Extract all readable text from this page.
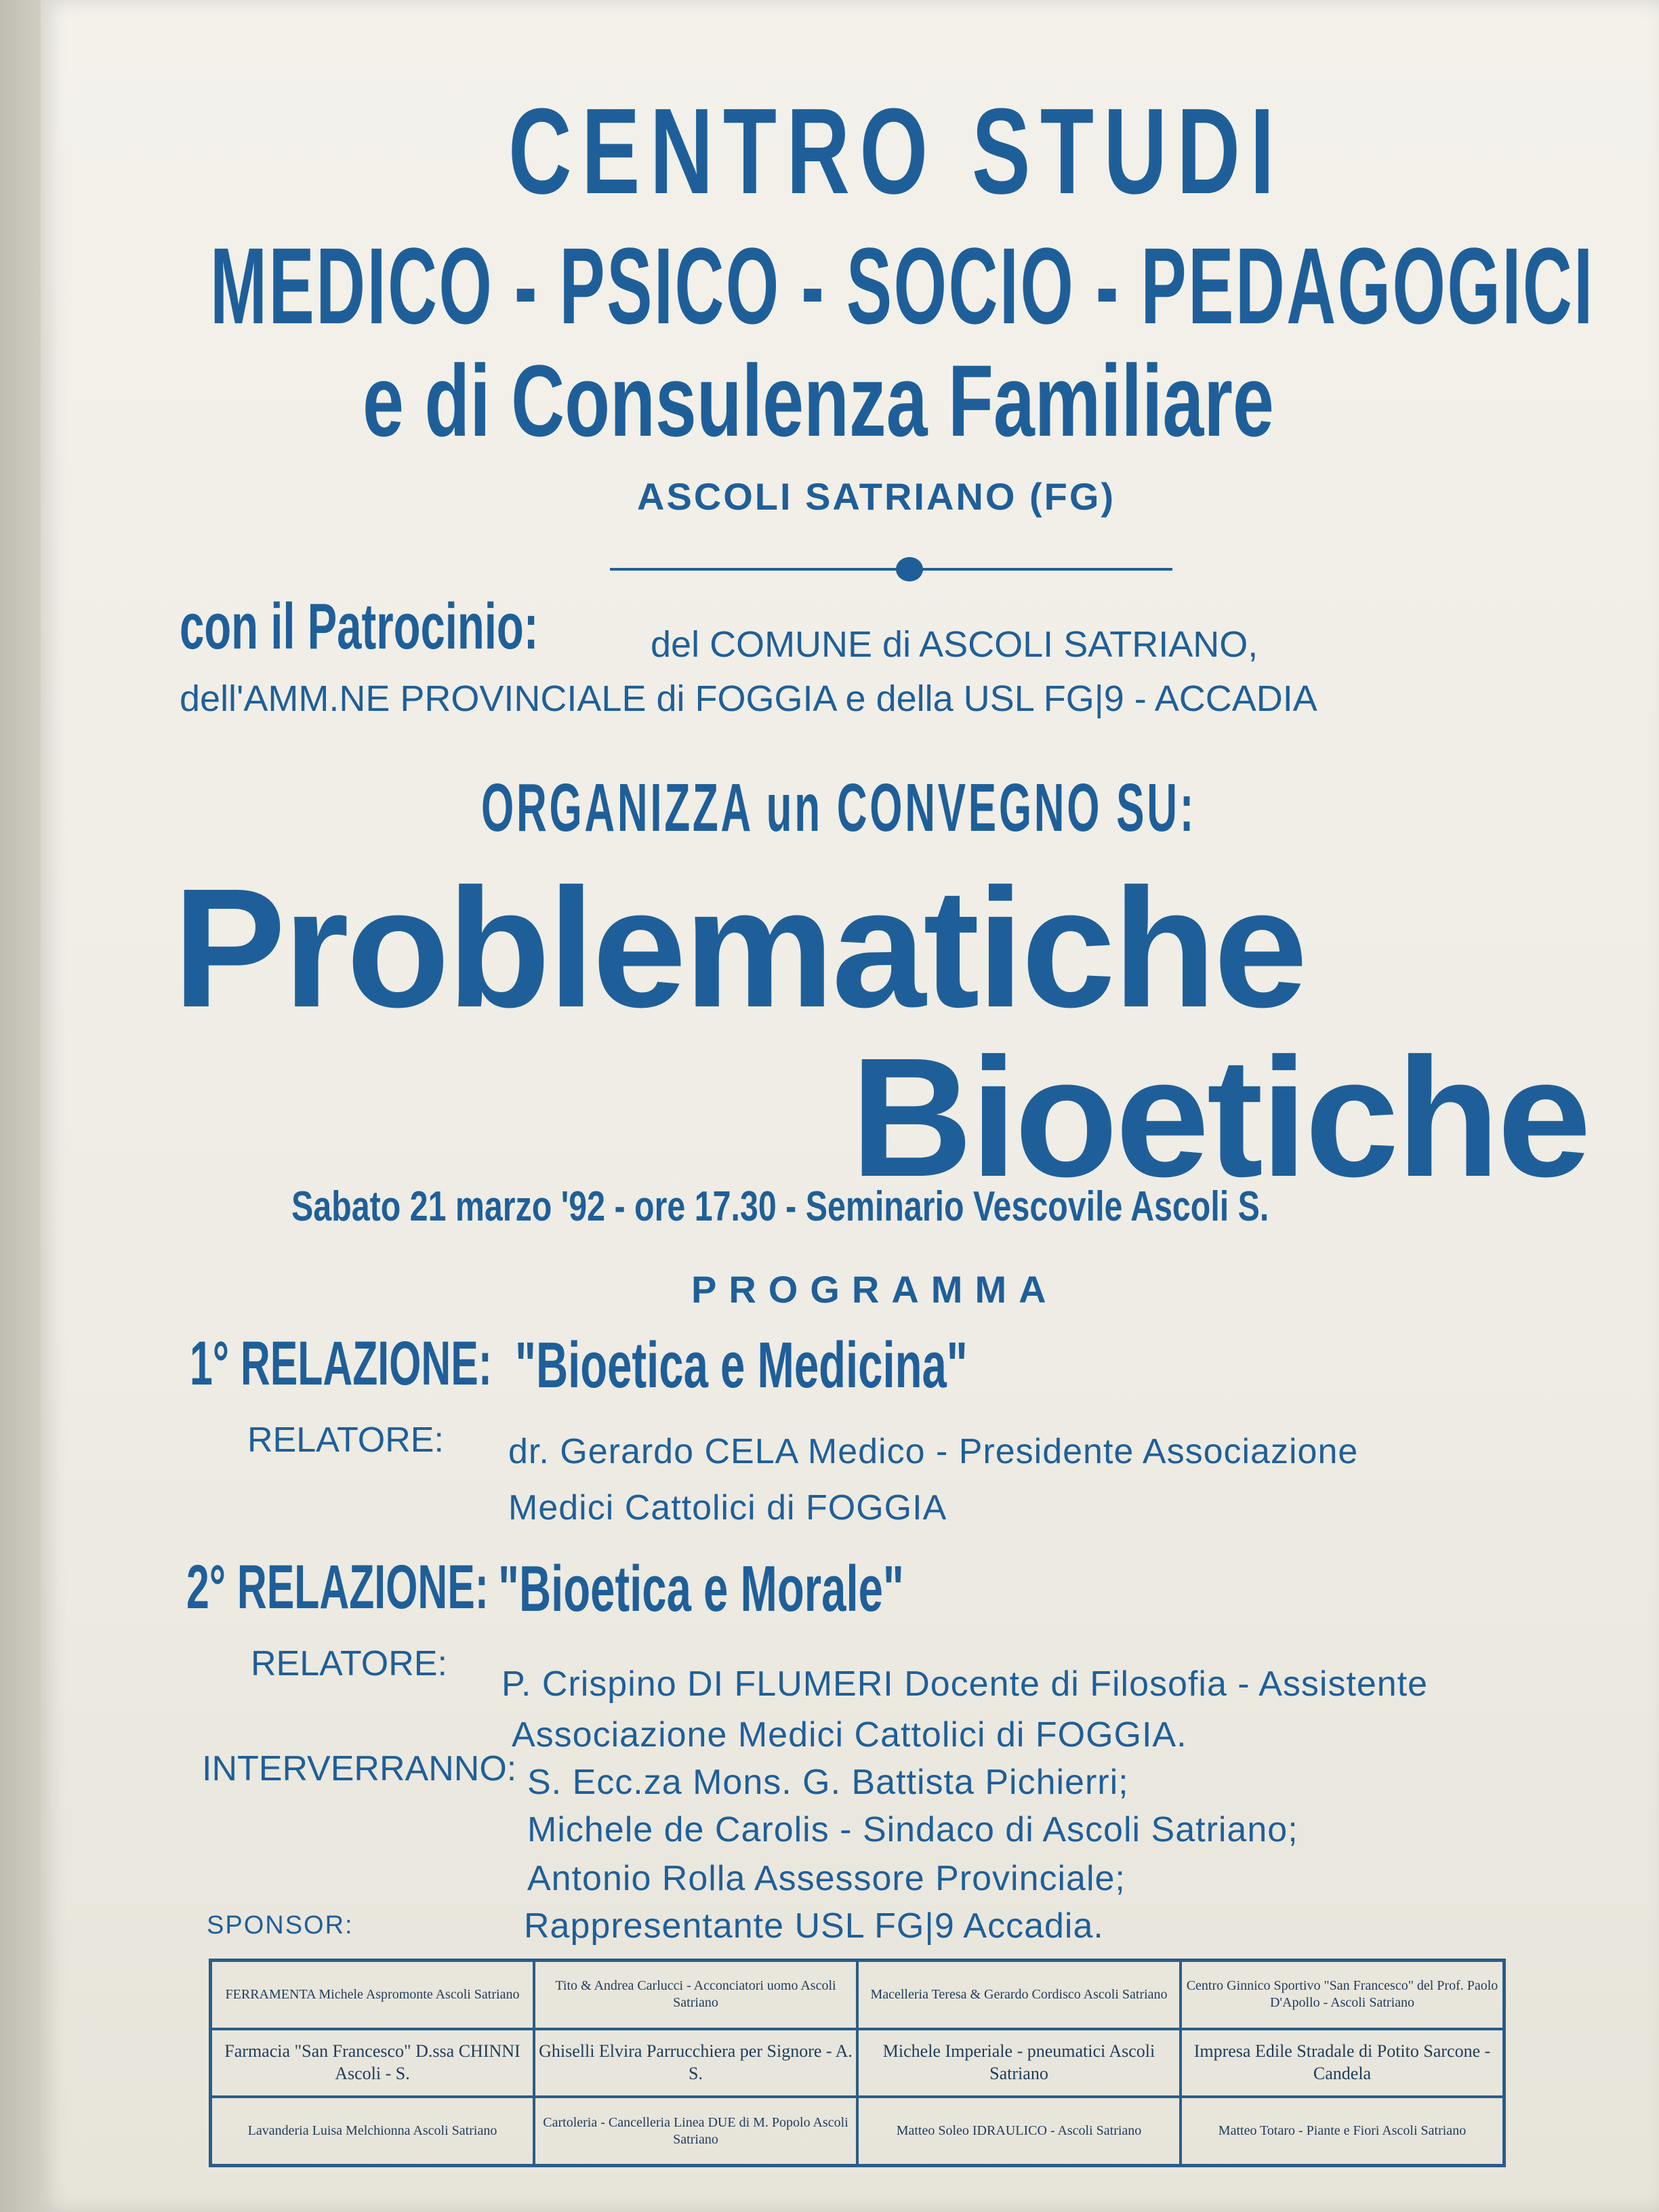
CENTRO STUDI
MEDICO - PSICO - SOCIO - PEDAGOGICI
e di Consulenza Familiare
ASCOLI SATRIANO (FG)
con il Patrocinio:	del COMUNE di ASCOLI SATRIANO,
dell'AMM.NE PROVINCIALE di FOGGIA e della USL FG|9 - ACCADIA
ORGANIZZA un CONVEGNO SU:
Problematiche
Bioetiche
Sabato 21 marzo '92 - ore 17.30 - Seminario Vescovile Ascoli S.
PROGRAMMA
1° RELAZIONE: "Bioetica e Medicina"
RELATORE: dr. Gerardo CELA Medico - Presidente Associazione
Medici Cattolici di FOGGIA
2° RELAZIONE: "Bioetica e Morale"
RELATORE:
P. Crispino DI FLUMERI Docente di Filosofia - Assistente
Associazione Medici Cattolici di FOGGIA.
INTERVERRANNO: S. Ecc.za Mons. G. Battista Pichierri;
Michele de Carolis - Sindaco di Ascoli Satriano;
Antonio Rolla Assessore Provinciale;
Rappresentante USL FG|9 Accadia.
SPONSOR:
FERRAMENTA Michele Aspromonte Ascoli Satriano
Tito & Andrea Carlucci - Acconciatori uomo Ascoli Satriano
Macelleria Teresa & Gerardo Cordisco Ascoli Satriano
Centro Ginnico Sportivo "San Francesco" del Prof. Paolo D'Apollo - Ascoli Satriano
Farmacia "San Francesco" D.ssa CHINNI Ascoli - S.
Ghiselli Elvira Parrucchiera per Signore - A. S.
Michele Imperiale - pneumatici Ascoli Satriano
Impresa Edile Stradale di Potito Sarcone - Candela
Lavanderia Luisa Melchionna Ascoli Satriano
Cartoleria - Cancelleria Linea DUE di M. Popolo Ascoli Satriano
Matteo Soleo IDRAULICO - Ascoli Satriano	Matteo Totaro - Piante e Fiori Ascoli Satriano
